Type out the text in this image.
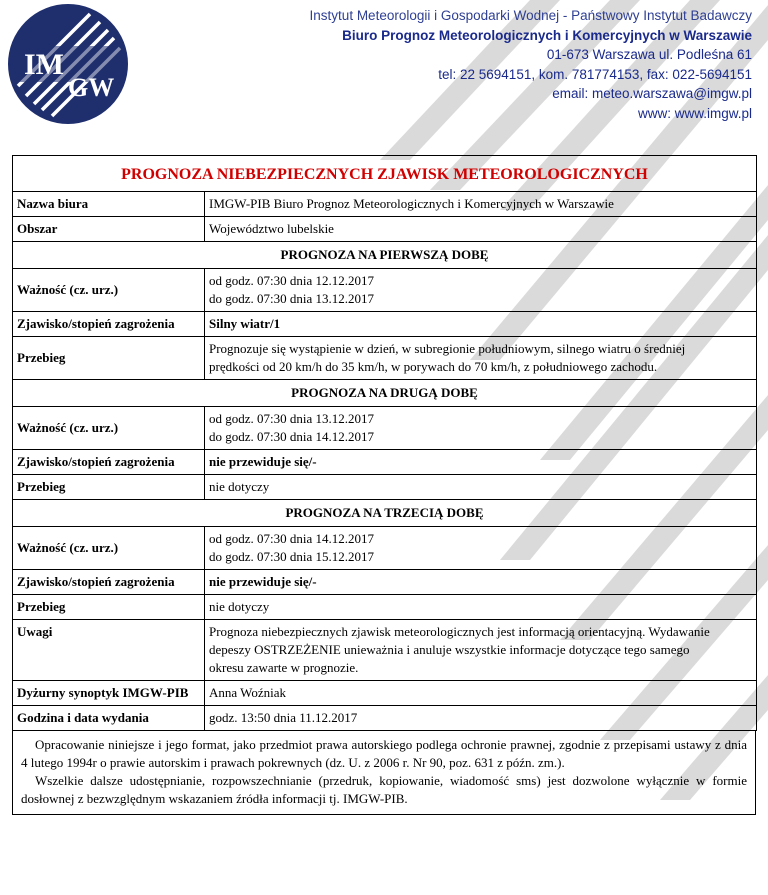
IM
GW
Instytut Meteorologii i Gospodarki Wodnej - Państwowy Instytut Badawczy
Biuro Prognoz Meteorologicznych i Komercyjnych w Warszawie
01-673 Warszawa ul. Podleśna 61
tel: 22 5694151, kom. 781774153, fax: 022-5694151
email: meteo.warszawa@imgw.pl
www: www.imgw.pl
PROGNOZA NIEBEZPIECZNYCH ZJAWISK METEOROLOGICZNYCH	
Nazwa biura	IMGW-PIB Biuro Prognoz Meteorologicznych i Komercyjnych w Warszawie
Obszar	Województwo lubelskie
PROGNOZA NA PIERWSZĄ DOBĘ	
Ważność (cz. urz.)	od godz. 07:30 dnia 12.12.2017
do godz. 07:30 dnia 13.12.2017

Zjawisko/stopień zagrożenia	Silny wiatr/1
Przebieg	Prognozuje się wystąpienie w dzień, w subregionie południowym, silnego wiatru o średniej
prędkości od 20 km/h do 35 km/h, w porywach do 70 km/h, z południowego zachodu.

PROGNOZA NA DRUGĄ DOBĘ	
Ważność (cz. urz.)	od godz. 07:30 dnia 13.12.2017
do godz. 07:30 dnia 14.12.2017

Zjawisko/stopień zagrożenia	nie przewiduje się/-
Przebieg	nie dotyczy
PROGNOZA NA TRZECIĄ DOBĘ	
Ważność (cz. urz.)	od godz. 07:30 dnia 14.12.2017
do godz. 07:30 dnia 15.12.2017

Zjawisko/stopień zagrożenia	nie przewiduje się/-
Przebieg	nie dotyczy
Uwagi	Prognoza niebezpiecznych zjawisk meteorologicznych jest informacją orientacyjną. Wydawanie
depeszy OSTRZEŻENIE unieważnia i anuluje wszystkie informacje dotyczące tego samego
okresu zawarte w prognozie.

Dyżurny synoptyk IMGW-PIB	Anna Woźniak
Godzina i data wydania	godz. 13:50 dnia 11.12.2017

Opracowanie niniejsze i jego format, jako przedmiot prawa autorskiego podlega ochronie prawnej, zgodnie z przepisami ustawy z dnia 4 lutego 1994r o prawie autorskim i prawach pokrewnych (dz. U. z 2006 r. Nr 90, poz. 631 z późn. zm.).

Wszelkie dalsze udostępnianie, rozpowszechnianie (przedruk, kopiowanie, wiadomość sms) jest dozwolone wyłącznie w formie dosłownej z bezwzględnym wskazaniem źródła informacji tj. IMGW-PIB.
